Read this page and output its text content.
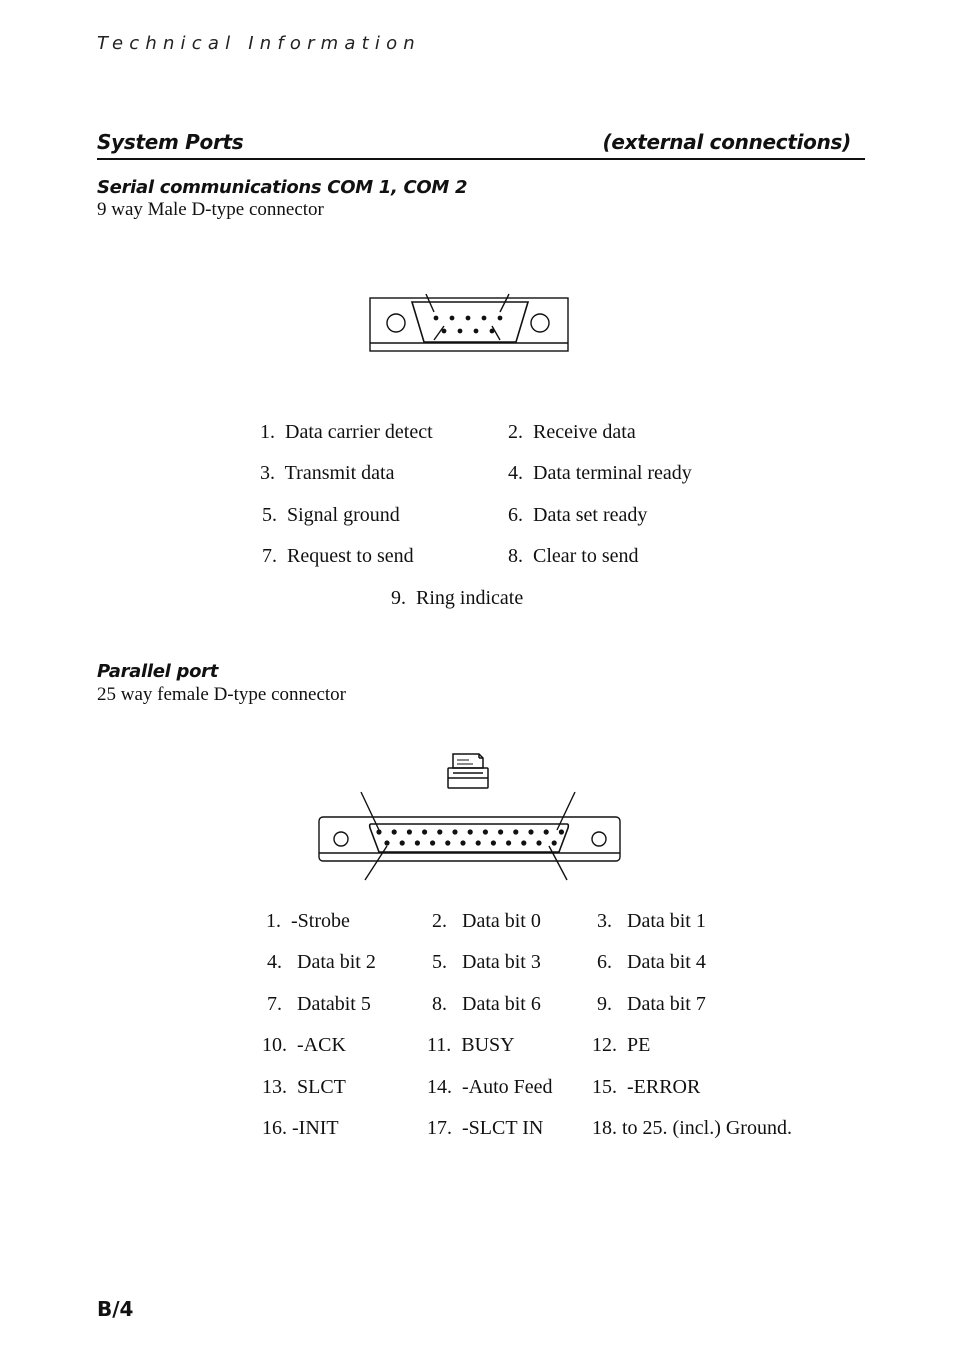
Technical Information
System Ports	(external connections)
Serial communications COM 1, COM 2
9 way Male D-type connector
1.  Data carrier detect	2.  Receive data
3.  Transmit data	4.  Data terminal ready
5.  Signal ground	6.  Data set ready
7.  Request to send	8.  Clear to send
9.  Ring indicate
Parallel port
25 way female D-type connector
1.  -Strobe	2.   Data bit 0	3.   Data bit 1
4.   Data bit 2	5.   Data bit 3	6.   Data bit 4
7.   Databit 5	8.   Data bit 6	9.   Data bit 7
10.  -ACK	11.  BUSY	12.  PE
13.  SLCT	14.  -Auto Feed 15.  -ERROR
16. -INIT	17.  -SLCT IN 18. to 25. (incl.) Ground.
B/4
